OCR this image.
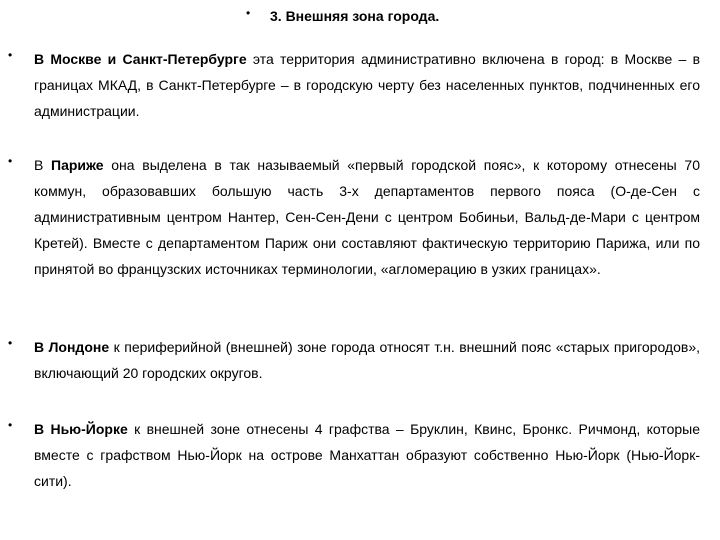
• 3. Внешняя зона города.
• В Москве и Санкт-Петербурге эта территория административно включена в город: в Москве – в границах МКАД, в Санкт-Петербурге – в городскую черту без населенных пунктов, подчиненных его администрации.

• В Париже она выделена в так называемый «первый городской пояс», к которому отнесены 70 коммун, образовавших большую часть 3-х департаментов первого пояса (О-де-Сен с административным центром Нантер, Сен-Сен-Дени с центром Бобиньи, Вальд-де-Мари с центром Кретей). Вместе с департаментом Париж они составляют фактическую территорию Парижа, или по принятой во французских источниках терминологии, «агломерацию в узких границах».

• В Лондоне к периферийной (внешней) зоне города относят т.н. внешний пояс «старых пригородов», включающий 20 городских округов.

• В Нью-Йорке к внешней зоне отнесены 4 графства – Бруклин, Квинс, Бронкс. Ричмонд, которые вместе с графством Нью-Йорк на острове Манхаттан образуют собственно Нью-Йорк (Нью-Йорк-сити).
